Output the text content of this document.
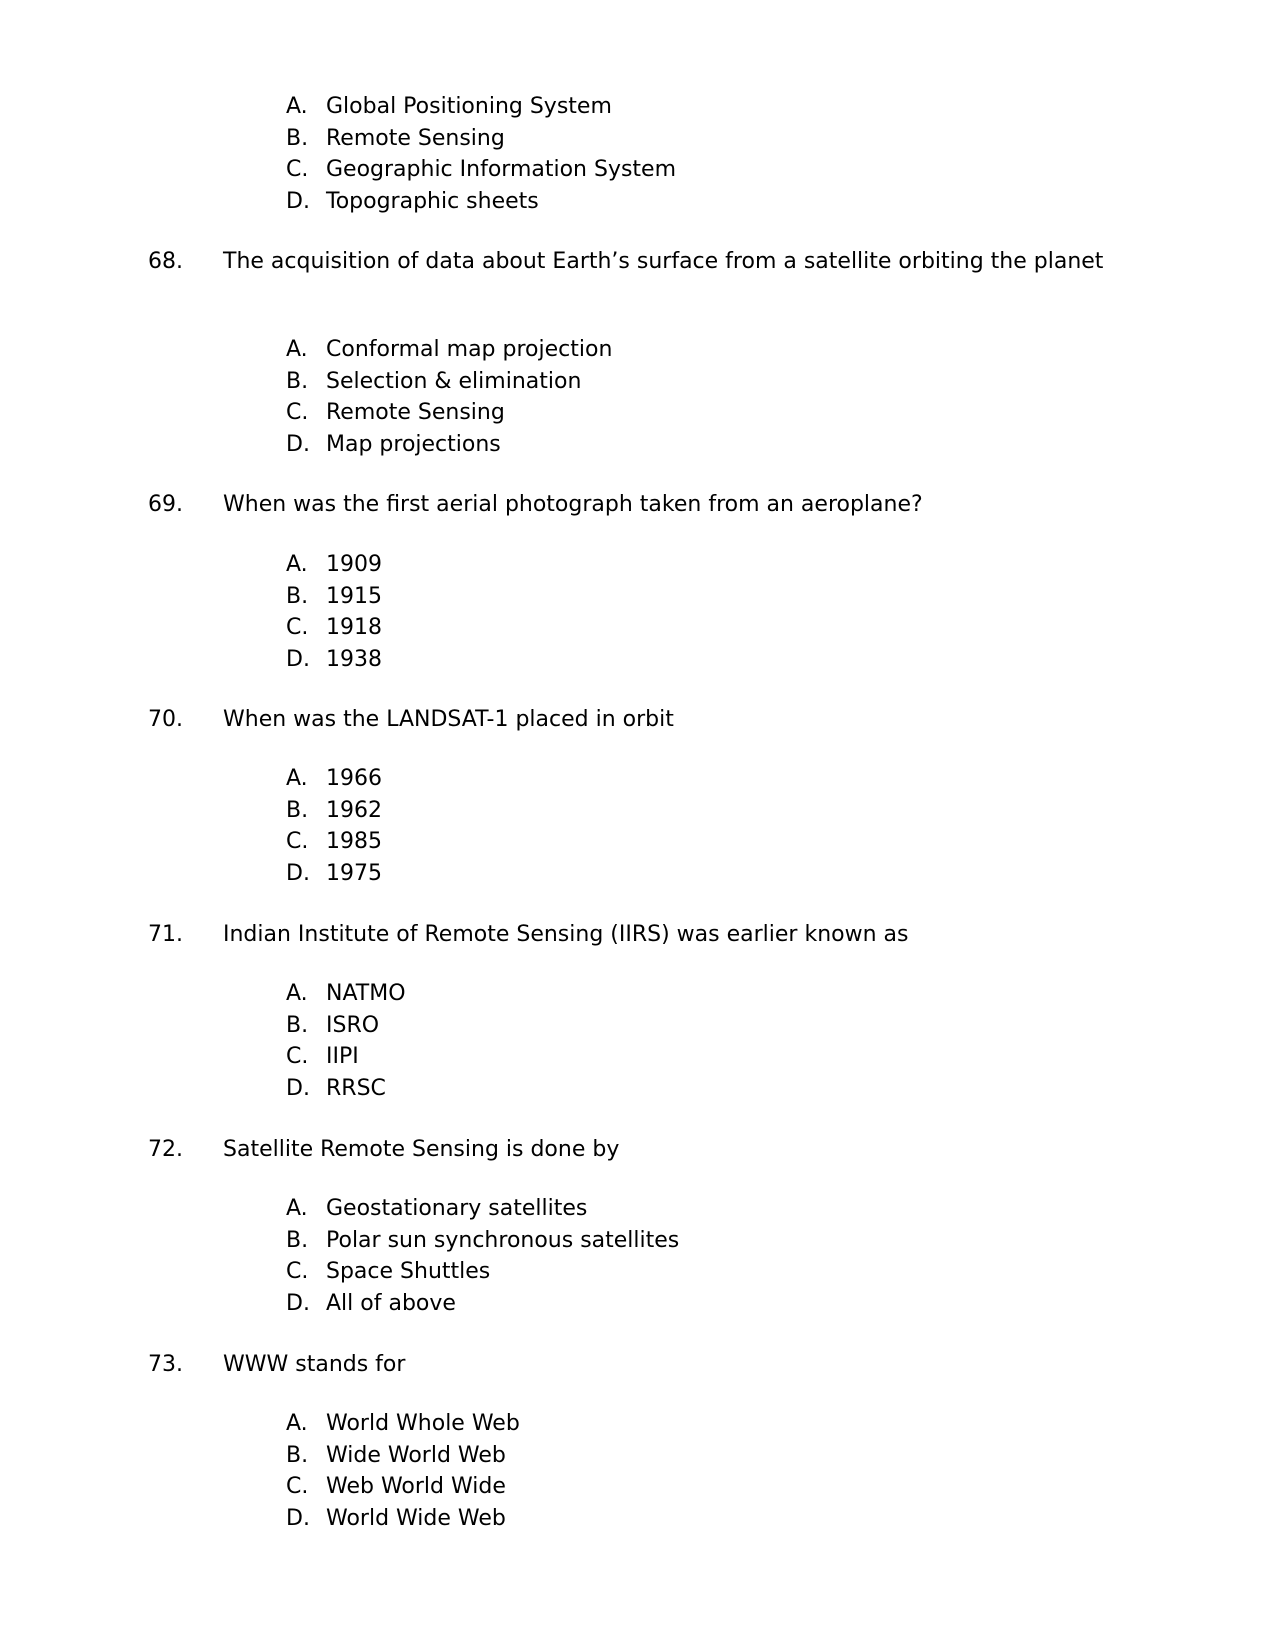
A. Global Positioning System
B. Remote Sensing
C. Geographic Information System
D. Topographic sheets
68. The acquisition of data about Earth’s surface from a satellite orbiting the planet
A. Conformal map projection
B. Selection & elimination
C. Remote Sensing
D. Map projections
69. When was the first aerial photograph taken from an aeroplane?
A. 1909
B. 1915
C. 1918
D. 1938
70. When was the LANDSAT-1 placed in orbit
A. 1966
B. 1962
C. 1985
D. 1975
71. Indian Institute of Remote Sensing (IIRS) was earlier known as
A. NATMO
B. ISRO
C. IIPI
D. RRSC
72. Satellite Remote Sensing is done by
A. Geostationary satellites
B. Polar sun synchronous satellites
C. Space Shuttles
D. All of above
73. WWW stands for
A. World Whole Web
B. Wide World Web
C. Web World Wide
D. World Wide Web
